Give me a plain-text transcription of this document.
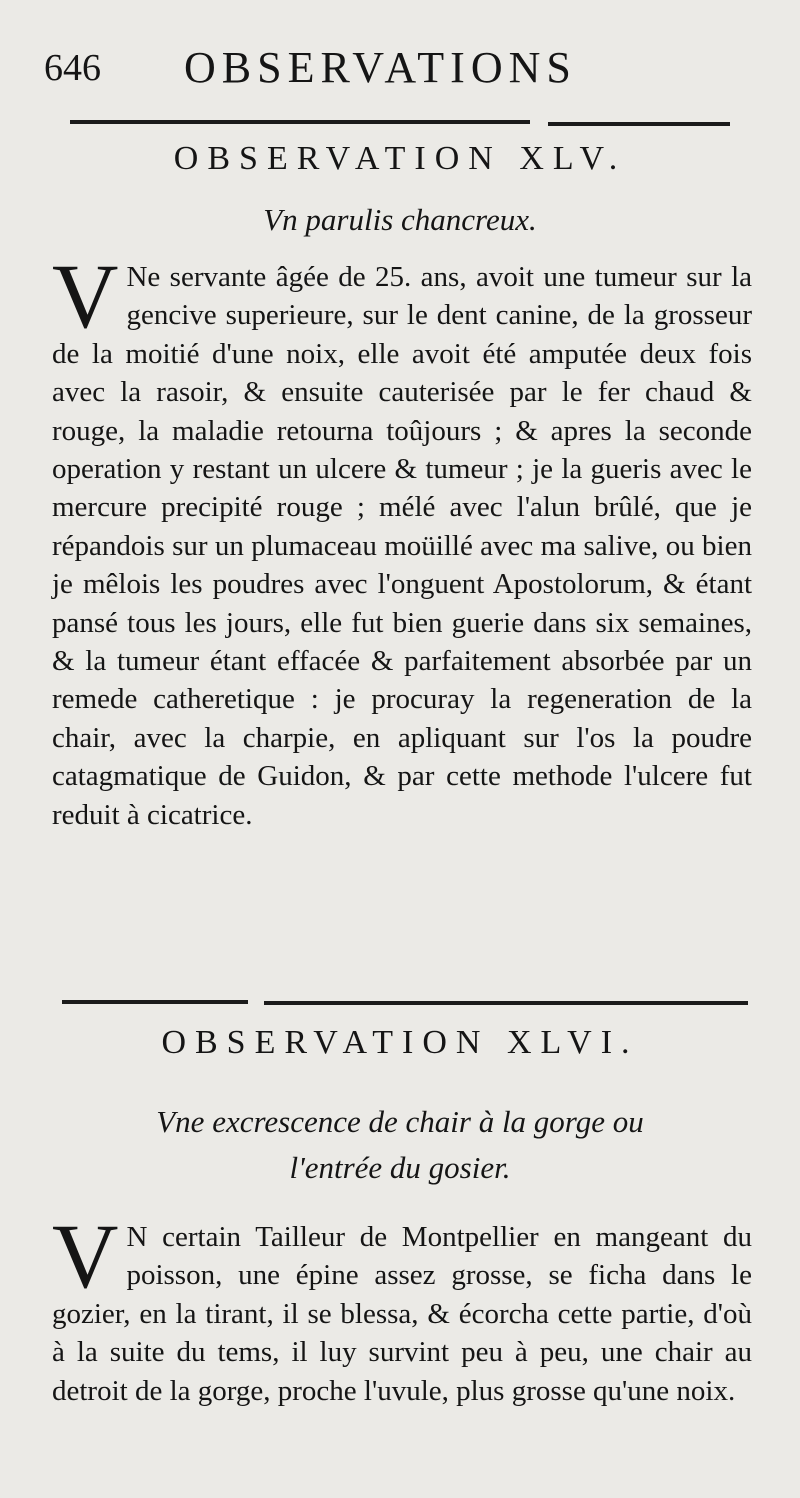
646 OBSERVATIONS
OBSERVATION XLV.
Vn parulis chancreux.
V Ne servante âgée de 25. ans, avoit une tumeur sur la gencive superieure, sur le dent canine, de la grosseur de la moitié d'une noix, elle avoit été amputée deux fois avec la rasoir, & ensuite cauterisée par le fer chaud & rouge, la maladie retourna toûjours ; & apres la seconde operation y restant un ulcere & tumeur ; je la gueris avec le mercure precipité rouge ; mélé avec l'alun brûlé, que je répandois sur un plumaceau moüillé avec ma salive, ou bien je mêlois les poudres avec l'onguent Apostolorum, & étant pansé tous les jours, elle fut bien guerie dans six semaines, & la tumeur étant effacée & parfaitement absorbée par un remede catheretique : je procuray la regeneration de la chair, avec la charpie, en apliquant sur l'os la poudre catagmatique de Guidon, & par cette methode l'ulcere fut reduit à cicatrice.

OBSERVATION XLVI.
Vne excrescence de chair à la gorge ou
l'entrée du gosier.
V N certain Tailleur de Montpellier en mangeant du poisson, une épine assez grosse, se ficha dans le gozier, en la tirant, il se blessa, & écorcha cette partie, d'où à la suite du tems, il luy survint peu à peu, une chair au detroit de la gorge, proche l'uvule, plus grosse qu'une noix.
